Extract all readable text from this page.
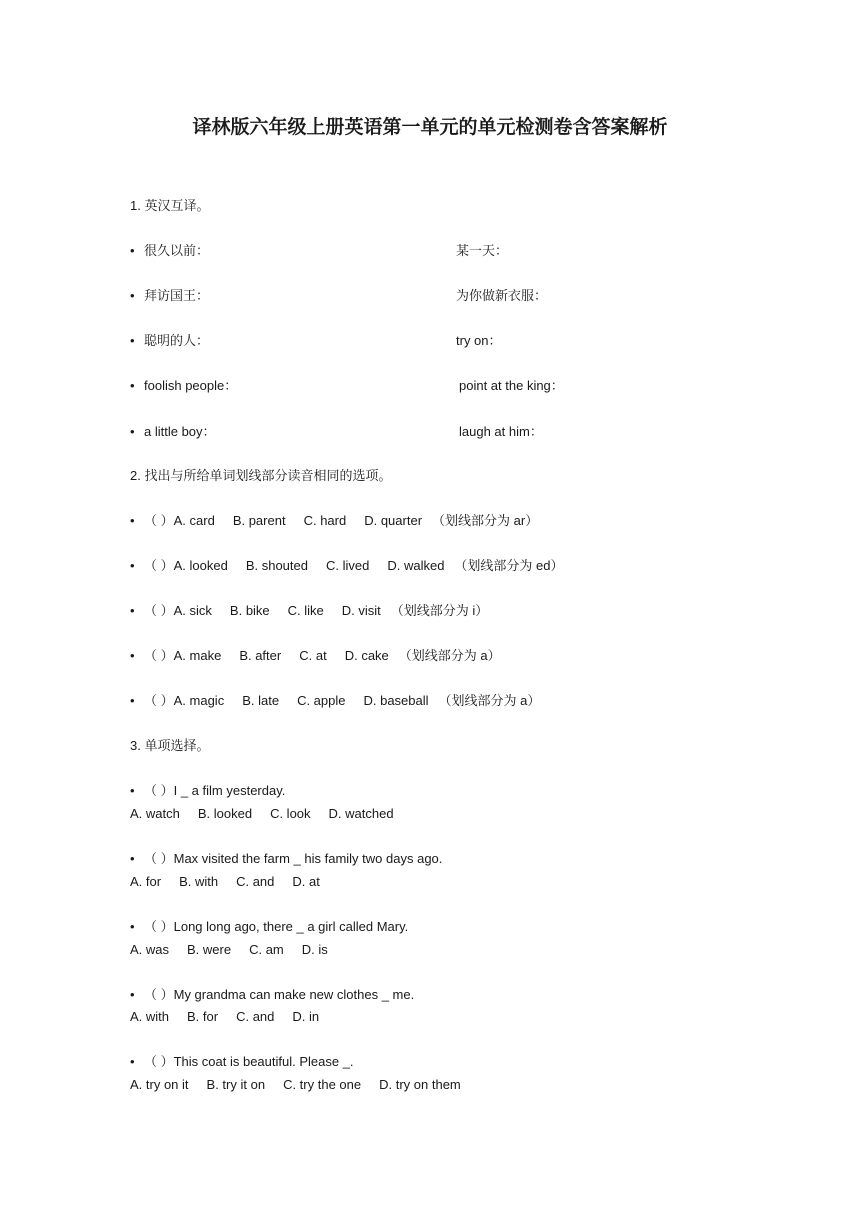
译林版六年级上册英语第一单元的单元检测卷含答案解析
1. 英汉互译。
• 很久以前：	某一天：
• 拜访国王：	为你做新衣服：
• 聪明的人：	try on：
• foolish people：	point at the king：
• a little boy：	laugh at him：
2. 找出与所给单词划线部分读音相同的选项。
• （ ）A. card B. parent C. hard D. quarter （划线部分为 ar）
• （ ）A. looked B. shouted C. lived D. walked （划线部分为 ed）
• （ ）A. sick B. bike C. like D. visit （划线部分为 i）
• （ ）A. make B. after C. at D. cake （划线部分为 a）
• （ ）A. magic B. late C. apple D. baseball （划线部分为 a）
3. 单项选择。
• （ ）I _ a film yesterday.
A. watch B. looked C. look D. watched
• （ ）Max visited the farm _ his family two days ago.
A. for B. with C. and D. at
• （ ）Long long ago, there _ a girl called Mary.
A. was B. were C. am D. is
• （ ）My grandma can make new clothes _ me.
A. with B. for C. and D. in
• （ ）This coat is beautiful. Please _.
A. try on it B. try it on C. try the one D. try on them
